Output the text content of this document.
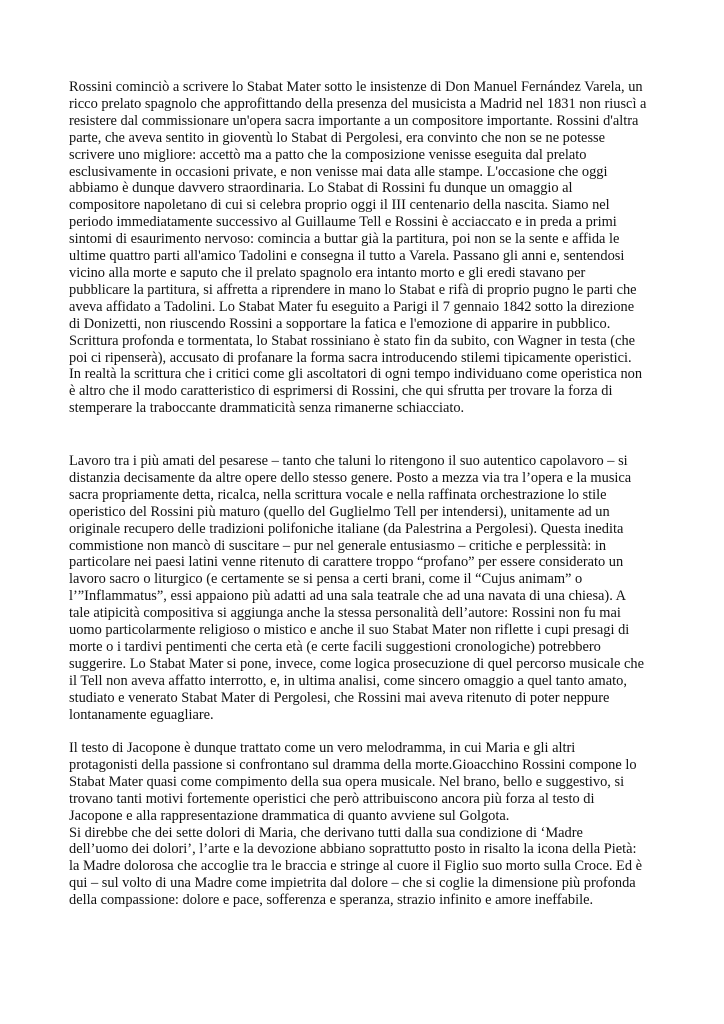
Rossini cominciò a scrivere lo Stabat Mater sotto le insistenze di Don Manuel Fernández Varela, un
ricco prelato spagnolo che approfittando della presenza del musicista a Madrid nel 1831 non riuscì a
resistere dal commissionare un'opera sacra importante a un compositore importante. Rossini d'altra
parte, che aveva sentito in gioventù lo Stabat di Pergolesi, era convinto che non se ne potesse
scrivere uno migliore: accettò ma a patto che la composizione venisse eseguita dal prelato
esclusivamente in occasioni private, e non venisse mai data alle stampe. L'occasione che oggi
abbiamo è dunque davvero straordinaria. Lo Stabat di Rossini fu dunque un omaggio al
compositore napoletano di cui si celebra proprio oggi il III centenario della nascita. Siamo nel
periodo immediatamente successivo al Guillaume Tell e Rossini è acciaccato e in preda a primi
sintomi di esaurimento nervoso: comincia a buttar già la partitura, poi non se la sente e affida le
ultime quattro parti all'amico Tadolini e consegna il tutto a Varela. Passano gli anni e, sentendosi
vicino alla morte e saputo che il prelato spagnolo era intanto morto e gli eredi stavano per
pubblicare la partitura, si affretta a riprendere in mano lo Stabat e rifà di proprio pugno le parti che
aveva affidato a Tadolini. Lo Stabat Mater fu eseguito a Parigi il 7 gennaio 1842 sotto la direzione
di Donizetti, non riuscendo Rossini a sopportare la fatica e l'emozione di apparire in pubblico.
Scrittura profonda e tormentata, lo Stabat rossiniano è stato fin da subito, con Wagner in testa (che
poi ci ripenserà), accusato di profanare la forma sacra introducendo stilemi tipicamente operistici.
In realtà la scrittura che i critici come gli ascoltatori di ogni tempo individuano come operistica non
è altro che il modo caratteristico di esprimersi di Rossini, che qui sfrutta per trovare la forza di
stemperare la traboccante drammaticità senza rimanerne schiacciato.

Lavoro tra i più amati del pesarese – tanto che taluni lo ritengono il suo autentico capolavoro – si
distanzia decisamente da altre opere dello stesso genere. Posto a mezza via tra l’opera e la musica
sacra propriamente detta, ricalca, nella scrittura vocale e nella raffinata orchestrazione lo stile
operistico del Rossini più maturo (quello del Guglielmo Tell per intendersi), unitamente ad un
originale recupero delle tradizioni polifoniche italiane (da Palestrina a Pergolesi). Questa inedita
commistione non mancò di suscitare – pur nel generale entusiasmo – critiche e perplessità: in
particolare nei paesi latini venne ritenuto di carattere troppo “profano” per essere considerato un
lavoro sacro o liturgico (e certamente se si pensa a certi brani, come il “Cujus animam” o
l’”Inflammatus”, essi appaiono più adatti ad una sala teatrale che ad una navata di una chiesa). A
tale atipicità compositiva si aggiunga anche la stessa personalità dell’autore: Rossini non fu mai
uomo particolarmente religioso o mistico e anche il suo Stabat Mater non riflette i cupi presagi di
morte o i tardivi pentimenti che certa età (e certe facili suggestioni cronologiche) potrebbero
suggerire. Lo Stabat Mater si pone, invece, come logica prosecuzione di quel percorso musicale che
il Tell non aveva affatto interrotto, e, in ultima analisi, come sincero omaggio a quel tanto amato,
studiato e venerato Stabat Mater di Pergolesi, che Rossini mai aveva ritenuto di poter neppure
lontanamente eguagliare.

Il testo di Jacopone è dunque trattato come un vero melodramma, in cui Maria e gli altri
protagonisti della passione si confrontano sul dramma della morte.Gioacchino Rossini compone lo
Stabat Mater quasi come compimento della sua opera musicale. Nel brano, bello e suggestivo, si
trovano tanti motivi fortemente operistici che però attribuiscono ancora più forza al testo di
Jacopone e alla rappresentazione drammatica di quanto avviene sul Golgota.
Si direbbe che dei sette dolori di Maria, che derivano tutti dalla sua condizione di ‘Madre
dell’uomo dei dolori’, l’arte e la devozione abbiano soprattutto posto in risalto la icona della Pietà:
la Madre dolorosa che accoglie tra le braccia e stringe al cuore il Figlio suo morto sulla Croce. Ed è
qui – sul volto di una Madre come impietrita dal dolore – che si coglie la dimensione più profonda
della compassione: dolore e pace, sofferenza e speranza, strazio infinito e amore ineffabile.
